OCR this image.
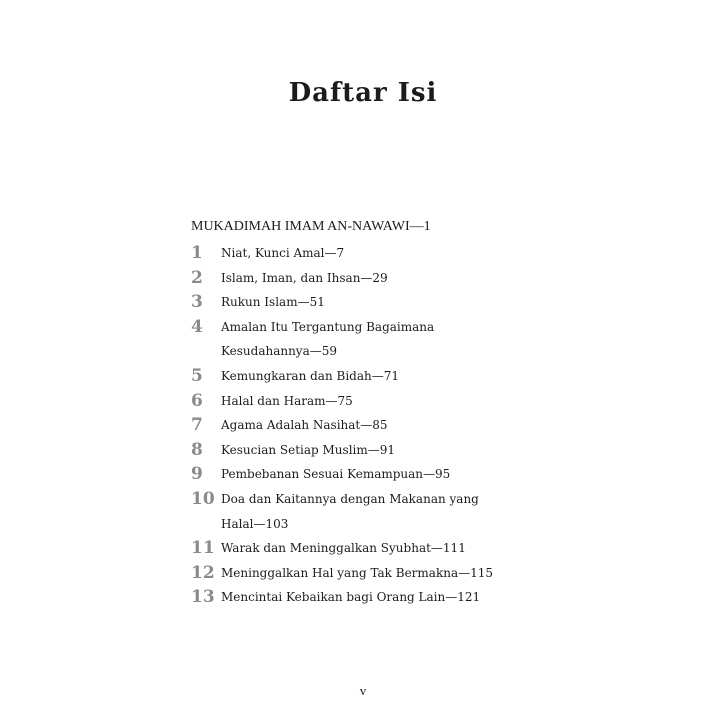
Daftar Isi
MUKADIMAH IMAM AN-NAWAWI—1
1	Niat, Kunci Amal—7
2	Islam, Iman, dan Ihsan—29
3	Rukun Islam—51
4	Amalan Itu Tergantung Bagaimana
Kesudahannya—59
5	Kemungkaran dan Bidah—71
6	Halal dan Haram—75
7	Agama Adalah Nasihat—85
8	Kesucian Setiap Muslim—91
9	Pembebanan Sesuai Kemampuan—95
10 Doa dan Kaitannya dengan Makanan yang
Halal—103
11 Warak dan Meninggalkan Syubhat—111
12 Meninggalkan Hal yang Tak Bermakna—115
13 Mencintai Kebaikan bagi Orang Lain—121
v
